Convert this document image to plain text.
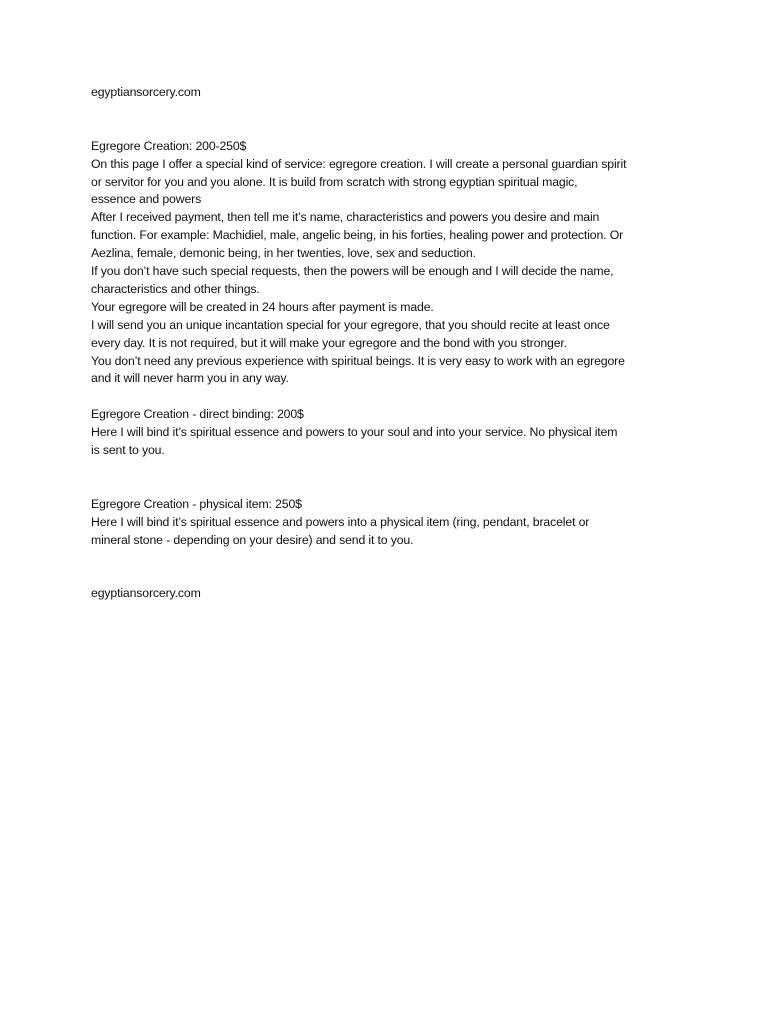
egyptiansorcery.com
Egregore Creation: 200-250$
On this page I offer a special kind of service: egregore creation. I will create a personal guardian spirit
or servitor for you and you alone. It is build from scratch with strong egyptian spiritual magic,
essence and powers
After I received payment, then tell me it’s name, characteristics and powers you desire and main
function. For example: Machidiel, male, angelic being, in his forties, healing power and protection. Or
Aezlina, female, demonic being, in her twenties, love, sex and seduction.
If you don’t have such special requests, then the powers will be enough and I will decide the name,
characteristics and other things.
Your egregore will be created in 24 hours after payment is made.
I will send you an unique incantation special for your egregore, that you should recite at least once
every day. It is not required, but it will make your egregore and the bond with you stronger.
You don’t need any previous experience with spiritual beings. It is very easy to work with an egregore
and it will never harm you in any way.
Egregore Creation - direct binding: 200$
Here I will bind it’s spiritual essence and powers to your soul and into your service. No physical item
is sent to you.
Egregore Creation - physical item: 250$
Here I will bind it’s spiritual essence and powers into a physical item (ring, pendant, bracelet or
mineral stone - depending on your desire) and send it to you.
egyptiansorcery.com
